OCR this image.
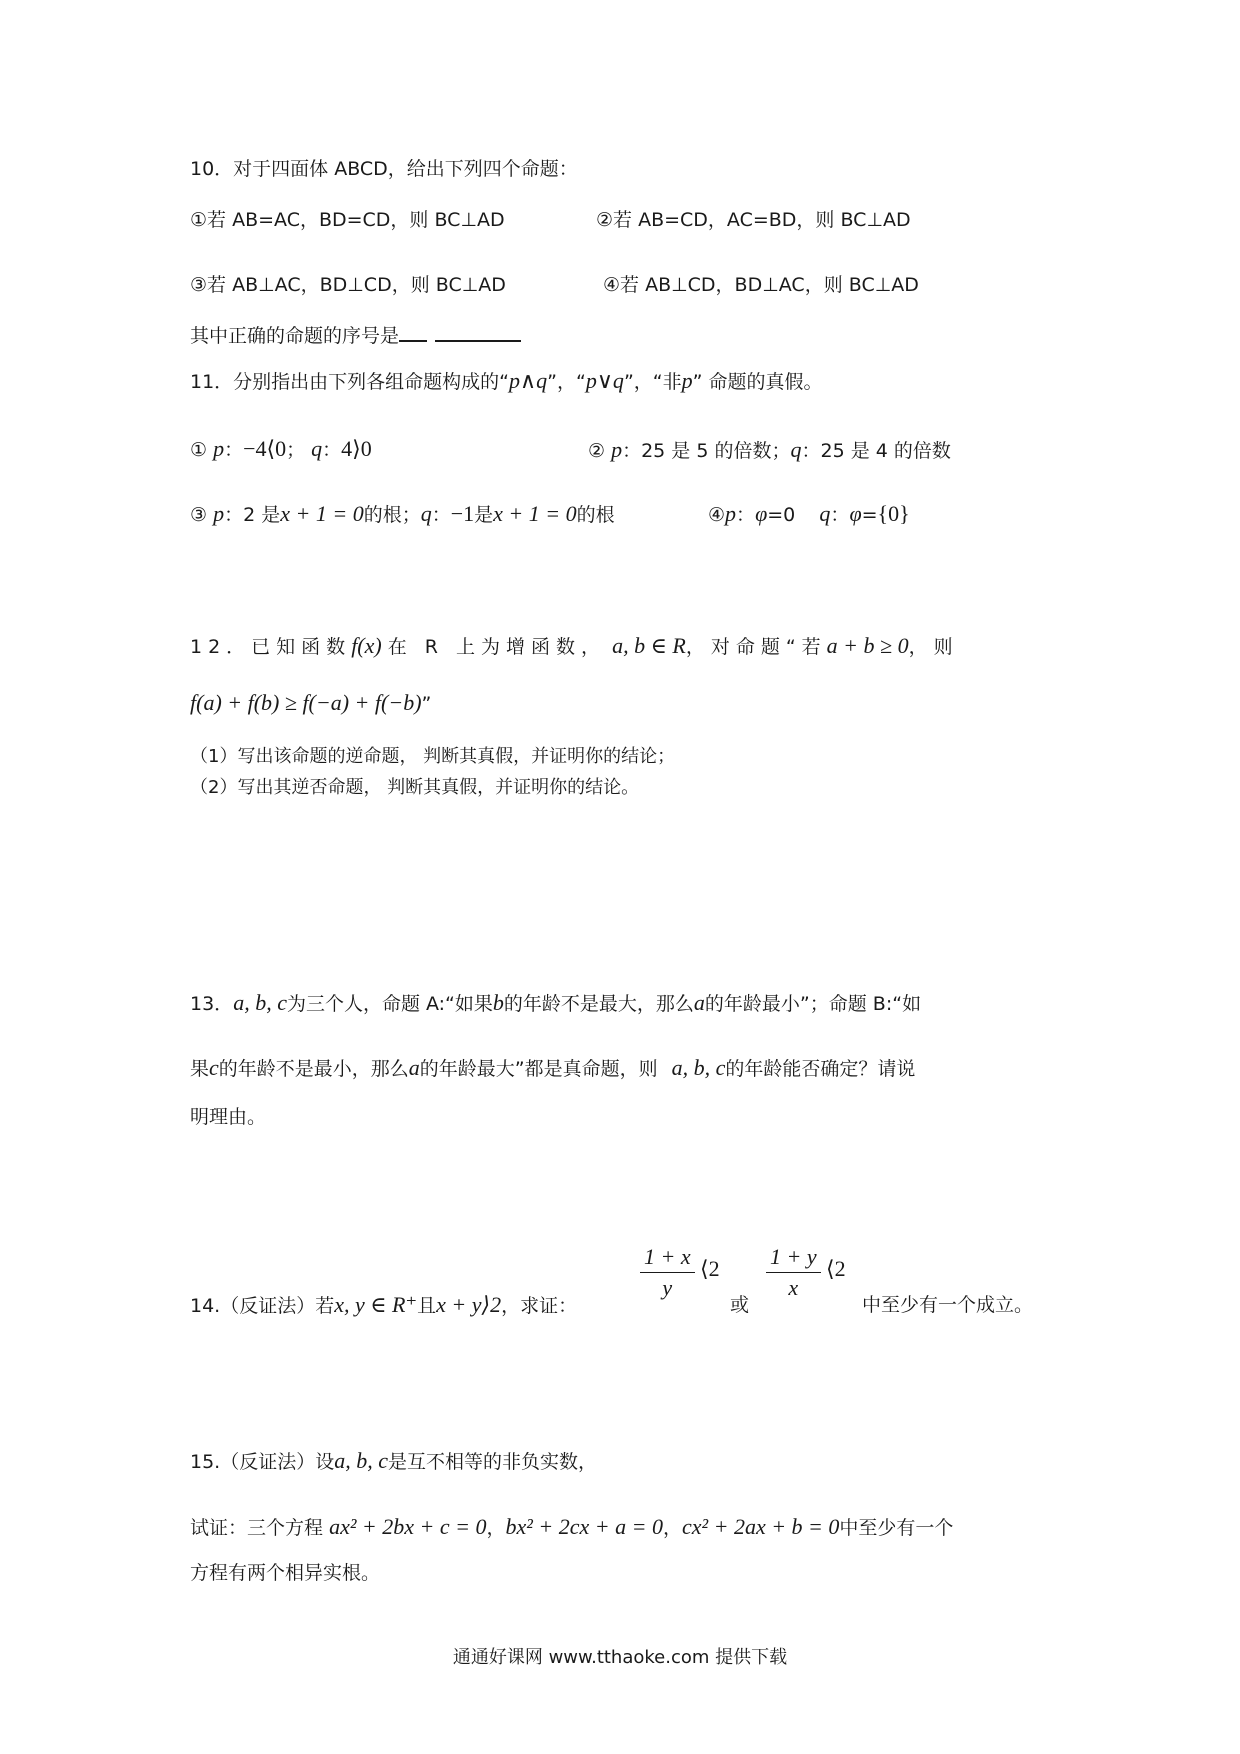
10．对于四面体 ABCD，给出下列四个命题：
①若 AB=AC，BD=CD，则 BC⊥AD	②若 AB=CD，AC=BD，则 BC⊥AD
③若 AB⊥AC，BD⊥CD，则 BC⊥AD	④若 AB⊥CD，BD⊥AC，则 BC⊥AD
其中正确的命题的序号是
11．分别指出由下列各组命题构成的“p∧q”，“p∨q”，“非p” 命题的真假。
① p：−4⟨0； q：4⟩0	② p：25 是 5 的倍数；q：25 是 4 的倍数
③ p：2 是x + 1 = 0的根；q：−1是x + 1 = 0的根	④p：φ=0 q：φ={0}
12．已知函数f(x) 在 R 上为增函数， a, b ∈ R，对命题“若a + b ≥ 0，则
f(a) + f(b) ≥ f(−a) + f(−b)”
（1）写出该命题的逆命题， 判断其真假，并证明你的结论；
（2）写出其逆否命题， 判断其真假，并证明你的结论。
13．a, b, c为三个人，命题 A:“如果b的年龄不是最大，那么a的年龄最小”；命题 B:“如
果c的年龄不是最小，那么a的年龄最大”都是真命题，则 a, b, c的年龄能否确定？请说
明理由。
14.（反证法）若x, y ∈ R⁺且x + y⟩2，求证：
1 + x
y
⟨2
或
1 + y
x
⟨2
中至少有一个成立。
15.（反证法）设a, b, c是互不相等的非负实数，
试证：三个方程 ax² + 2bx + c = 0，bx² + 2cx + a = 0，cx² + 2ax + b = 0中至少有一个
方程有两个相异实根。
通通好课网 www.tthaoke.com 提供下载
